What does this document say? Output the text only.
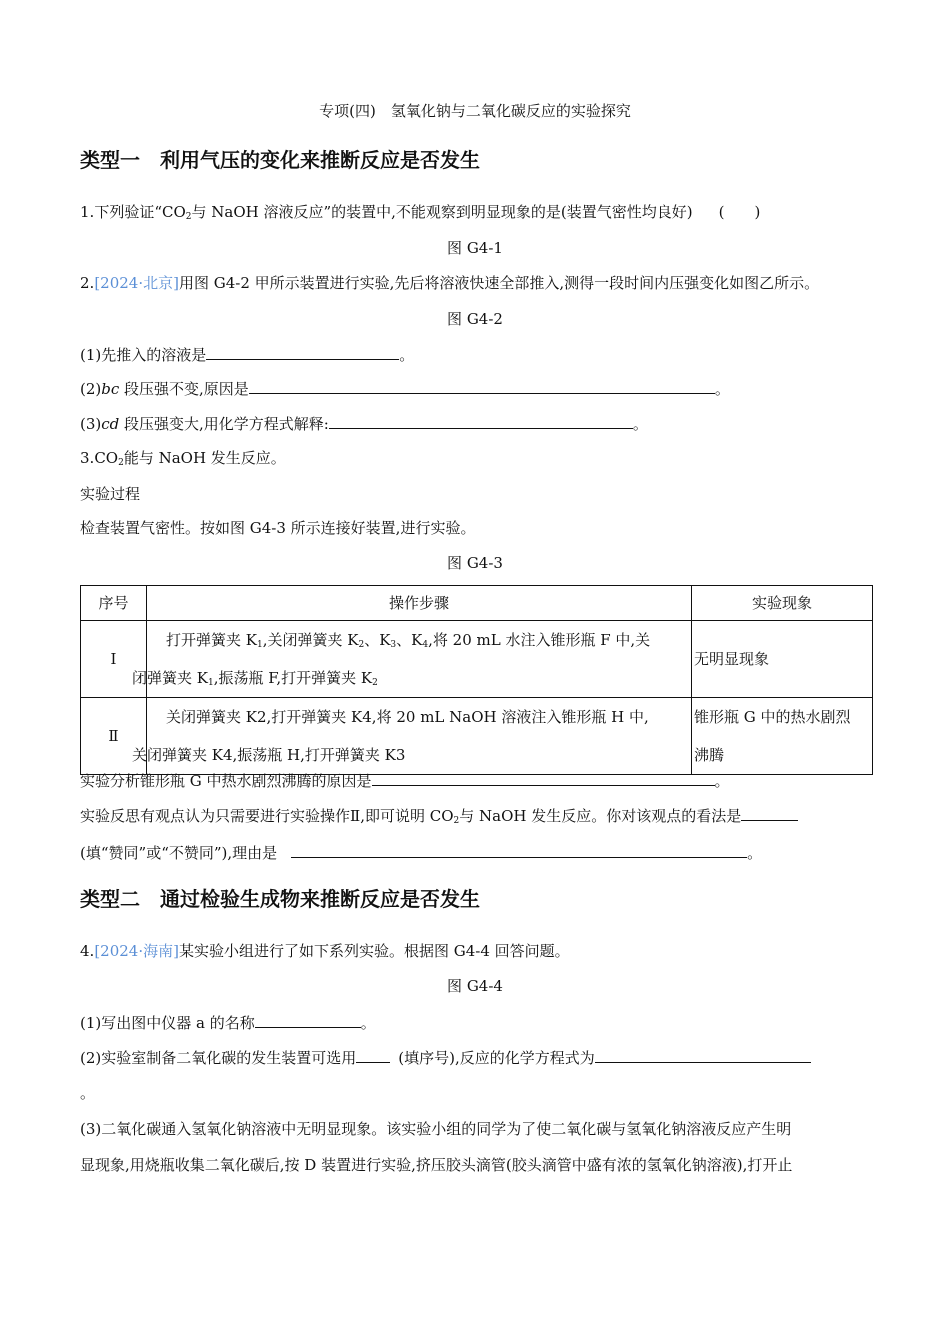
专项(四)　氢氧化钠与二氧化碳反应的实验探究
类型一　利用气压的变化来推断反应是否发生
1.下列验证“$CO_2$与 NaOH 溶液反应”的装置中,不能观察到明显现象的是(装置气密性均良好) (　　)
图 G4-1
2.[2024·北京]用图 G4-2 甲所示装置进行实验,先后将溶液快速全部推入,测得一段时间内压强变化如图乙所示。
图 G4-2
(1)先推入的溶液是	。
(2)bc 段压强不变,原因是	。
(3)cd 段压强变大,用化学方程式解释:	。
$3.CO_2$能与 NaOH 发生反应。
实验过程
检查装置气密性。按如图 G4-3 所示连接好装置,进行实验。
图 G4-3
序号	操作步骤	实验现象
Ⅰ	打开弹簧夹 $K_1$,关闭弹簧夹 $K_2$、$K_3$、$K_4$,将 20 mL 水注入锥形瓶 F 中,关
闭弹簧夹 $K_1$,振荡瓶 F,打开弹簧夹 $K_2$	无明显现象
Ⅱ	关闭弹簧夹 K2,打开弹簧夹 K4,将 20 mL NaOH 溶液注入锥形瓶 H 中,
关闭弹簧夹 K4,振荡瓶 H,打开弹簧夹 K3	锥形瓶 G 中的热水剧烈
沸腾
实验分析锥形瓶 G 中热水剧烈沸腾的原因是	。
实验反思有观点认为只需要进行实验操作Ⅱ,即可说明 $CO_2$与 NaOH 发生反应。你对该观点的看法是
(填“赞同”或“不赞同”),理由是	。
类型二　通过检验生成物来推断反应是否发生
4.[2024·海南]某实验小组进行了如下系列实验。根据图 G4-4 回答问题。
图 G4-4
(1)写出图中仪器 a 的名称	。
(2)实验室制备二氧化碳的发生装置可选用	(填序号),反应的化学方程式为
。
(3)二氧化碳通入氢氧化钠溶液中无明显现象。该实验小组的同学为了使二氧化碳与氢氧化钠溶液反应产生明
显现象,用烧瓶收集二氧化碳后,按 D 装置进行实验,挤压胶头滴管(胶头滴管中盛有浓的氢氧化钠溶液),打开止
